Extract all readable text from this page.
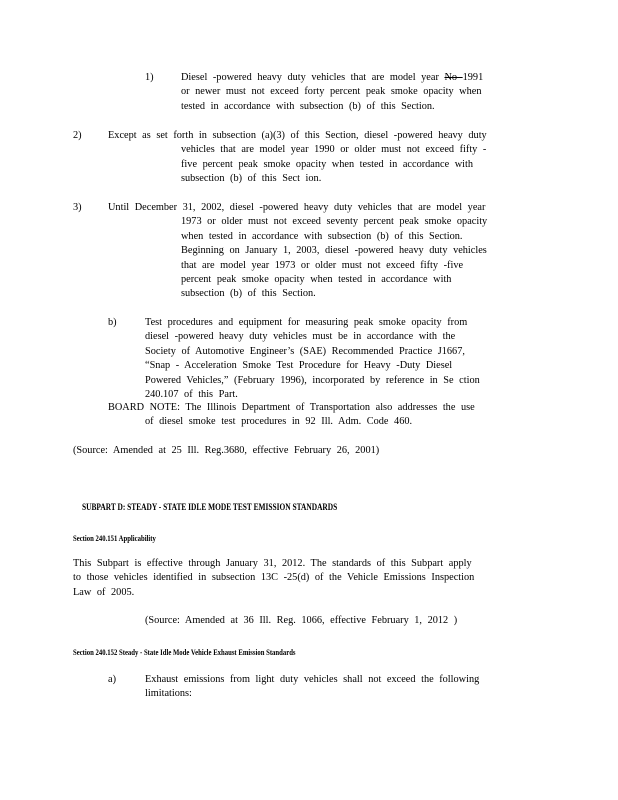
1)	Diesel -powered heavy duty vehicles that are model year No 1991
or newer must not exceed forty percent peak smoke opacity when
tested in accordance with subsection (b) of this Section.
2)	Except as set forth in subsection (a)(3) of this Section, diesel -powered heavy duty
vehicles that are model year 1990 or older must not exceed fifty -
five percent peak smoke opacity when tested in accordance with
subsection (b) of this Sect ion.
3)	Until December 31, 2002, diesel -powered heavy duty vehicles that are model year
1973 or older must not exceed seventy percent peak smoke opacity
when tested in accordance with subsection (b) of this Section.
Beginning on January 1, 2003, diesel -powered heavy duty vehicles
that are model year 1973 or older must not exceed fifty -five
percent peak smoke opacity when tested in accordance with
subsection (b) of this Section.
b)	Test procedures and equipment for measuring peak smoke opacity from
diesel -powered heavy duty vehicles must be in accordance with the
Society of Automotive Engineer’s (SAE) Recommended Practice J1667,
“Snap - Acceleration Smoke Test Procedure for Heavy -Duty Diesel
Powered Vehicles,” (February 1996), incorporated by reference in Se ction
240.107 of this Part.
BOARD NOTE: The Illinois Department of Transportation also addresses the use
of diesel smoke test procedures in 92 Ill. Adm. Code 460.
(Source: Amended at 25 Ill. Reg.3680, effective February 26, 2001)
SUBPART D: STEADY - STATE IDLE MODE TEST EMISSION STANDARDS
Section 240.151 Applicability
This Subpart is effective through January 31, 2012. The standards of this Subpart apply
to those vehicles identified in subsection 13C -25(d) of the Vehicle Emissions Inspection
Law of 2005.
(Source: Amended at 36 Ill. Reg. 1066, effective February 1, 2012 )
Section 240.152 Steady - State Idle Mode Vehicle Exhaust Emission Standards
a)	Exhaust emissions from light duty vehicles shall not exceed the following
limitations:
